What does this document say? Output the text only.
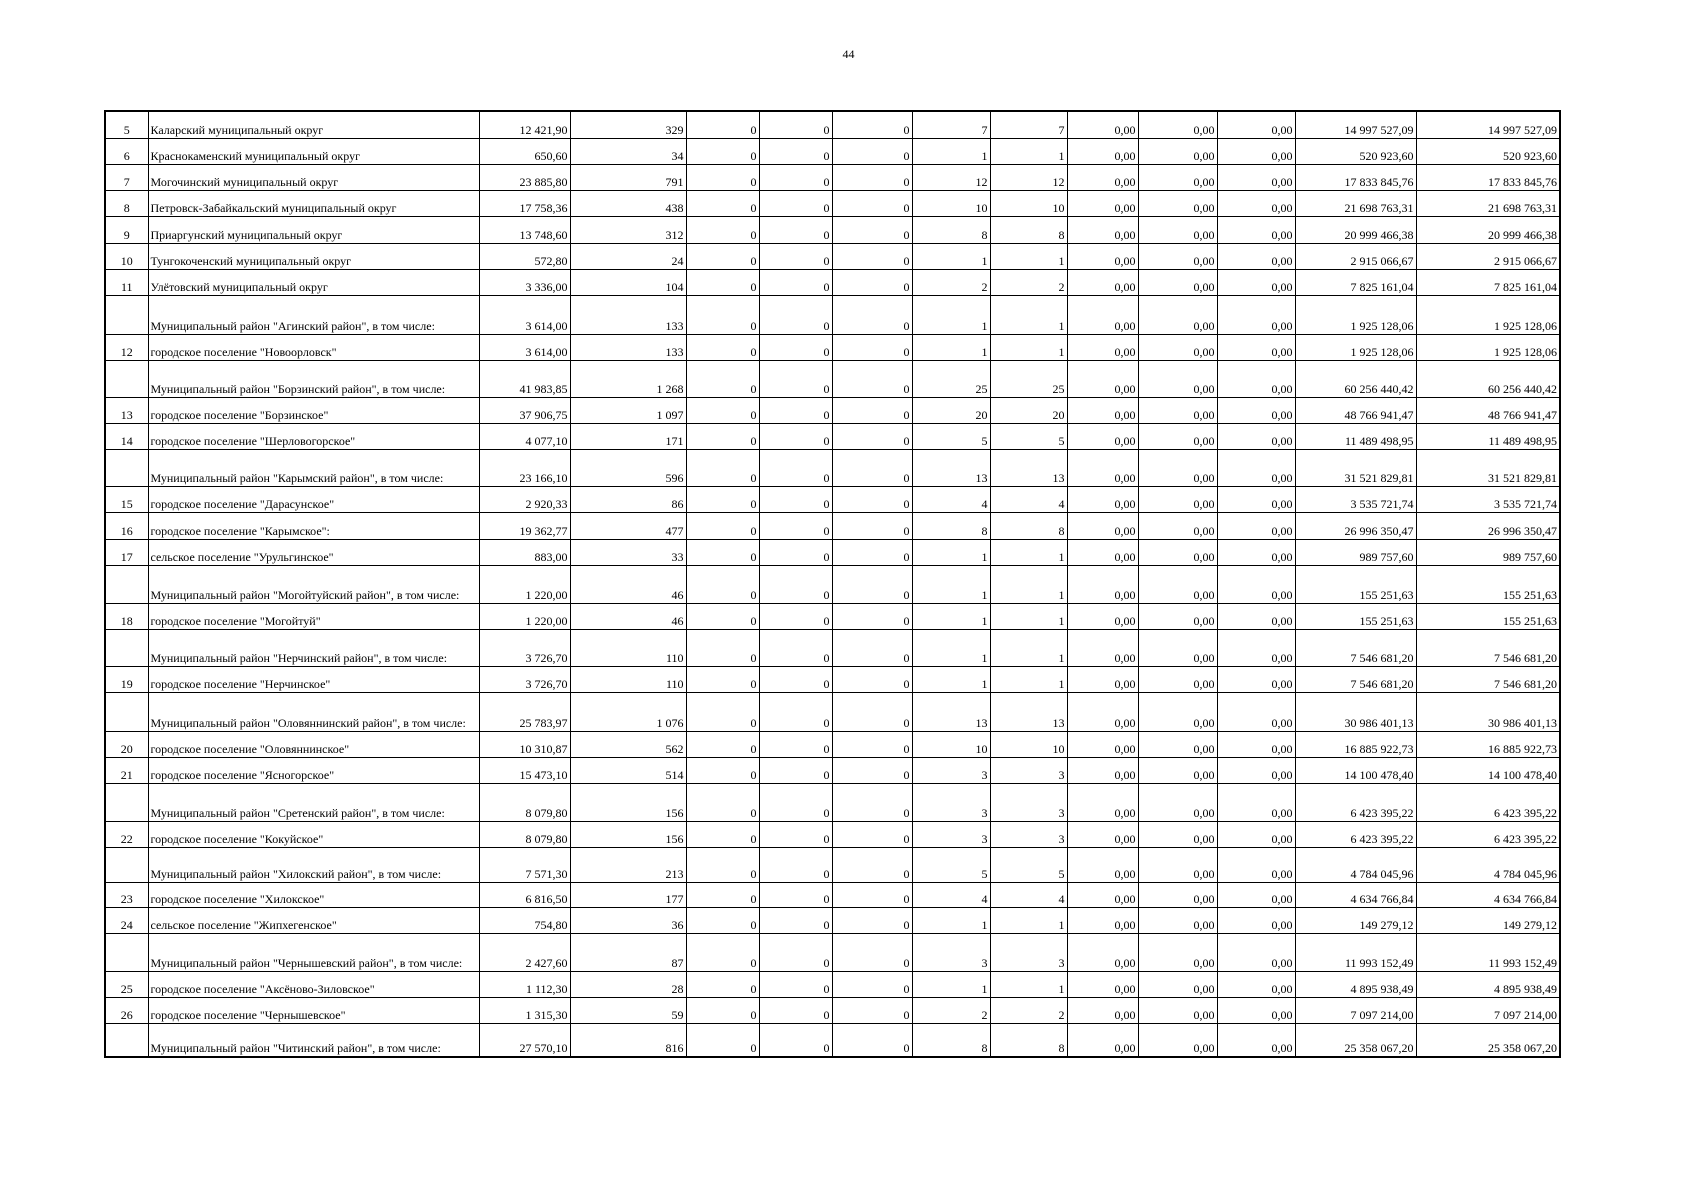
44
5	Каларский муниципальный округ	12 421,90	329	0	0	0	7	7	0,00	0,00	0,00	14 997 527,09	14 997 527,09
6	Краснокаменский муниципальный округ	650,60	34	0	0	0	1	1	0,00	0,00	0,00	520 923,60	520 923,60
7	Могочинский муниципальный округ	23 885,80	791	0	0	0	12	12	0,00	0,00	0,00	17 833 845,76	17 833 845,76
8	Петровск-Забайкальский муниципальный округ	17 758,36	438	0	0	0	10	10	0,00	0,00	0,00	21 698 763,31	21 698 763,31
9	Приаргунский муниципальный округ	13 748,60	312	0	0	0	8	8	0,00	0,00	0,00	20 999 466,38	20 999 466,38
10	Тунгокоченский муниципальный округ	572,80	24	0	0	0	1	1	0,00	0,00	0,00	2 915 066,67	2 915 066,67
11	Улётовский муниципальный округ	3 336,00	104	0	0	0	2	2	0,00	0,00	0,00	7 825 161,04	7 825 161,04
	Муниципальный район "Агинский район", в том числе:	3 614,00	133	0	0	0	1	1	0,00	0,00	0,00	1 925 128,06	1 925 128,06
12	городское поселение "Новоорловск"	3 614,00	133	0	0	0	1	1	0,00	0,00	0,00	1 925 128,06	1 925 128,06
	Муниципальный район "Борзинский район", в том числе:	41 983,85	1 268	0	0	0	25	25	0,00	0,00	0,00	60 256 440,42	60 256 440,42
13	городское поселение "Борзинское"	37 906,75	1 097	0	0	0	20	20	0,00	0,00	0,00	48 766 941,47	48 766 941,47
14	городское поселение "Шерловогорское"	4 077,10	171	0	0	0	5	5	0,00	0,00	0,00	11 489 498,95	11 489 498,95
	Муниципальный район "Карымский район", в том числе:	23 166,10	596	0	0	0	13	13	0,00	0,00	0,00	31 521 829,81	31 521 829,81
15	городское поселение "Дарасунское"	2 920,33	86	0	0	0	4	4	0,00	0,00	0,00	3 535 721,74	3 535 721,74
16	городское поселение "Карымское":	19 362,77	477	0	0	0	8	8	0,00	0,00	0,00	26 996 350,47	26 996 350,47
17	сельское поселение "Урульгинское"	883,00	33	0	0	0	1	1	0,00	0,00	0,00	989 757,60	989 757,60
	Муниципальный район "Могойтуйский район", в том числе:	1 220,00	46	0	0	0	1	1	0,00	0,00	0,00	155 251,63	155 251,63
18	городское поселение "Могойтуй"	1 220,00	46	0	0	0	1	1	0,00	0,00	0,00	155 251,63	155 251,63
	Муниципальный район "Нерчинский район", в том числе:	3 726,70	110	0	0	0	1	1	0,00	0,00	0,00	7 546 681,20	7 546 681,20
19	городское поселение "Нерчинское"	3 726,70	110	0	0	0	1	1	0,00	0,00	0,00	7 546 681,20	7 546 681,20
	Муниципальный район "Оловяннинский район", в том числе:	25 783,97	1 076	0	0	0	13	13	0,00	0,00	0,00	30 986 401,13	30 986 401,13
20	городское поселение "Оловяннинское"	10 310,87	562	0	0	0	10	10	0,00	0,00	0,00	16 885 922,73	16 885 922,73
21	городское поселение "Ясногорское"	15 473,10	514	0	0	0	3	3	0,00	0,00	0,00	14 100 478,40	14 100 478,40
	Муниципальный район "Сретенский район", в том числе:	8 079,80	156	0	0	0	3	3	0,00	0,00	0,00	6 423 395,22	6 423 395,22
22	городское поселение "Кокуйское"	8 079,80	156	0	0	0	3	3	0,00	0,00	0,00	6 423 395,22	6 423 395,22
	Муниципальный район "Хилокский район", в том числе:	7 571,30	213	0	0	0	5	5	0,00	0,00	0,00	4 784 045,96	4 784 045,96
23	городское поселение "Хилокское"	6 816,50	177	0	0	0	4	4	0,00	0,00	0,00	4 634 766,84	4 634 766,84
24	сельское поселение "Жипхегенское"	754,80	36	0	0	0	1	1	0,00	0,00	0,00	149 279,12	149 279,12
	Муниципальный район "Чернышевский район", в том числе:	2 427,60	87	0	0	0	3	3	0,00	0,00	0,00	11 993 152,49	11 993 152,49
25	городское поселение "Аксёново-Зиловское"	1 112,30	28	0	0	0	1	1	0,00	0,00	0,00	4 895 938,49	4 895 938,49
26	городское поселение "Чернышевское"	1 315,30	59	0	0	0	2	2	0,00	0,00	0,00	7 097 214,00	7 097 214,00
	Муниципальный район "Читинский район", в том числе:	27 570,10	816	0	0	0	8	8	0,00	0,00	0,00	25 358 067,20	25 358 067,20
